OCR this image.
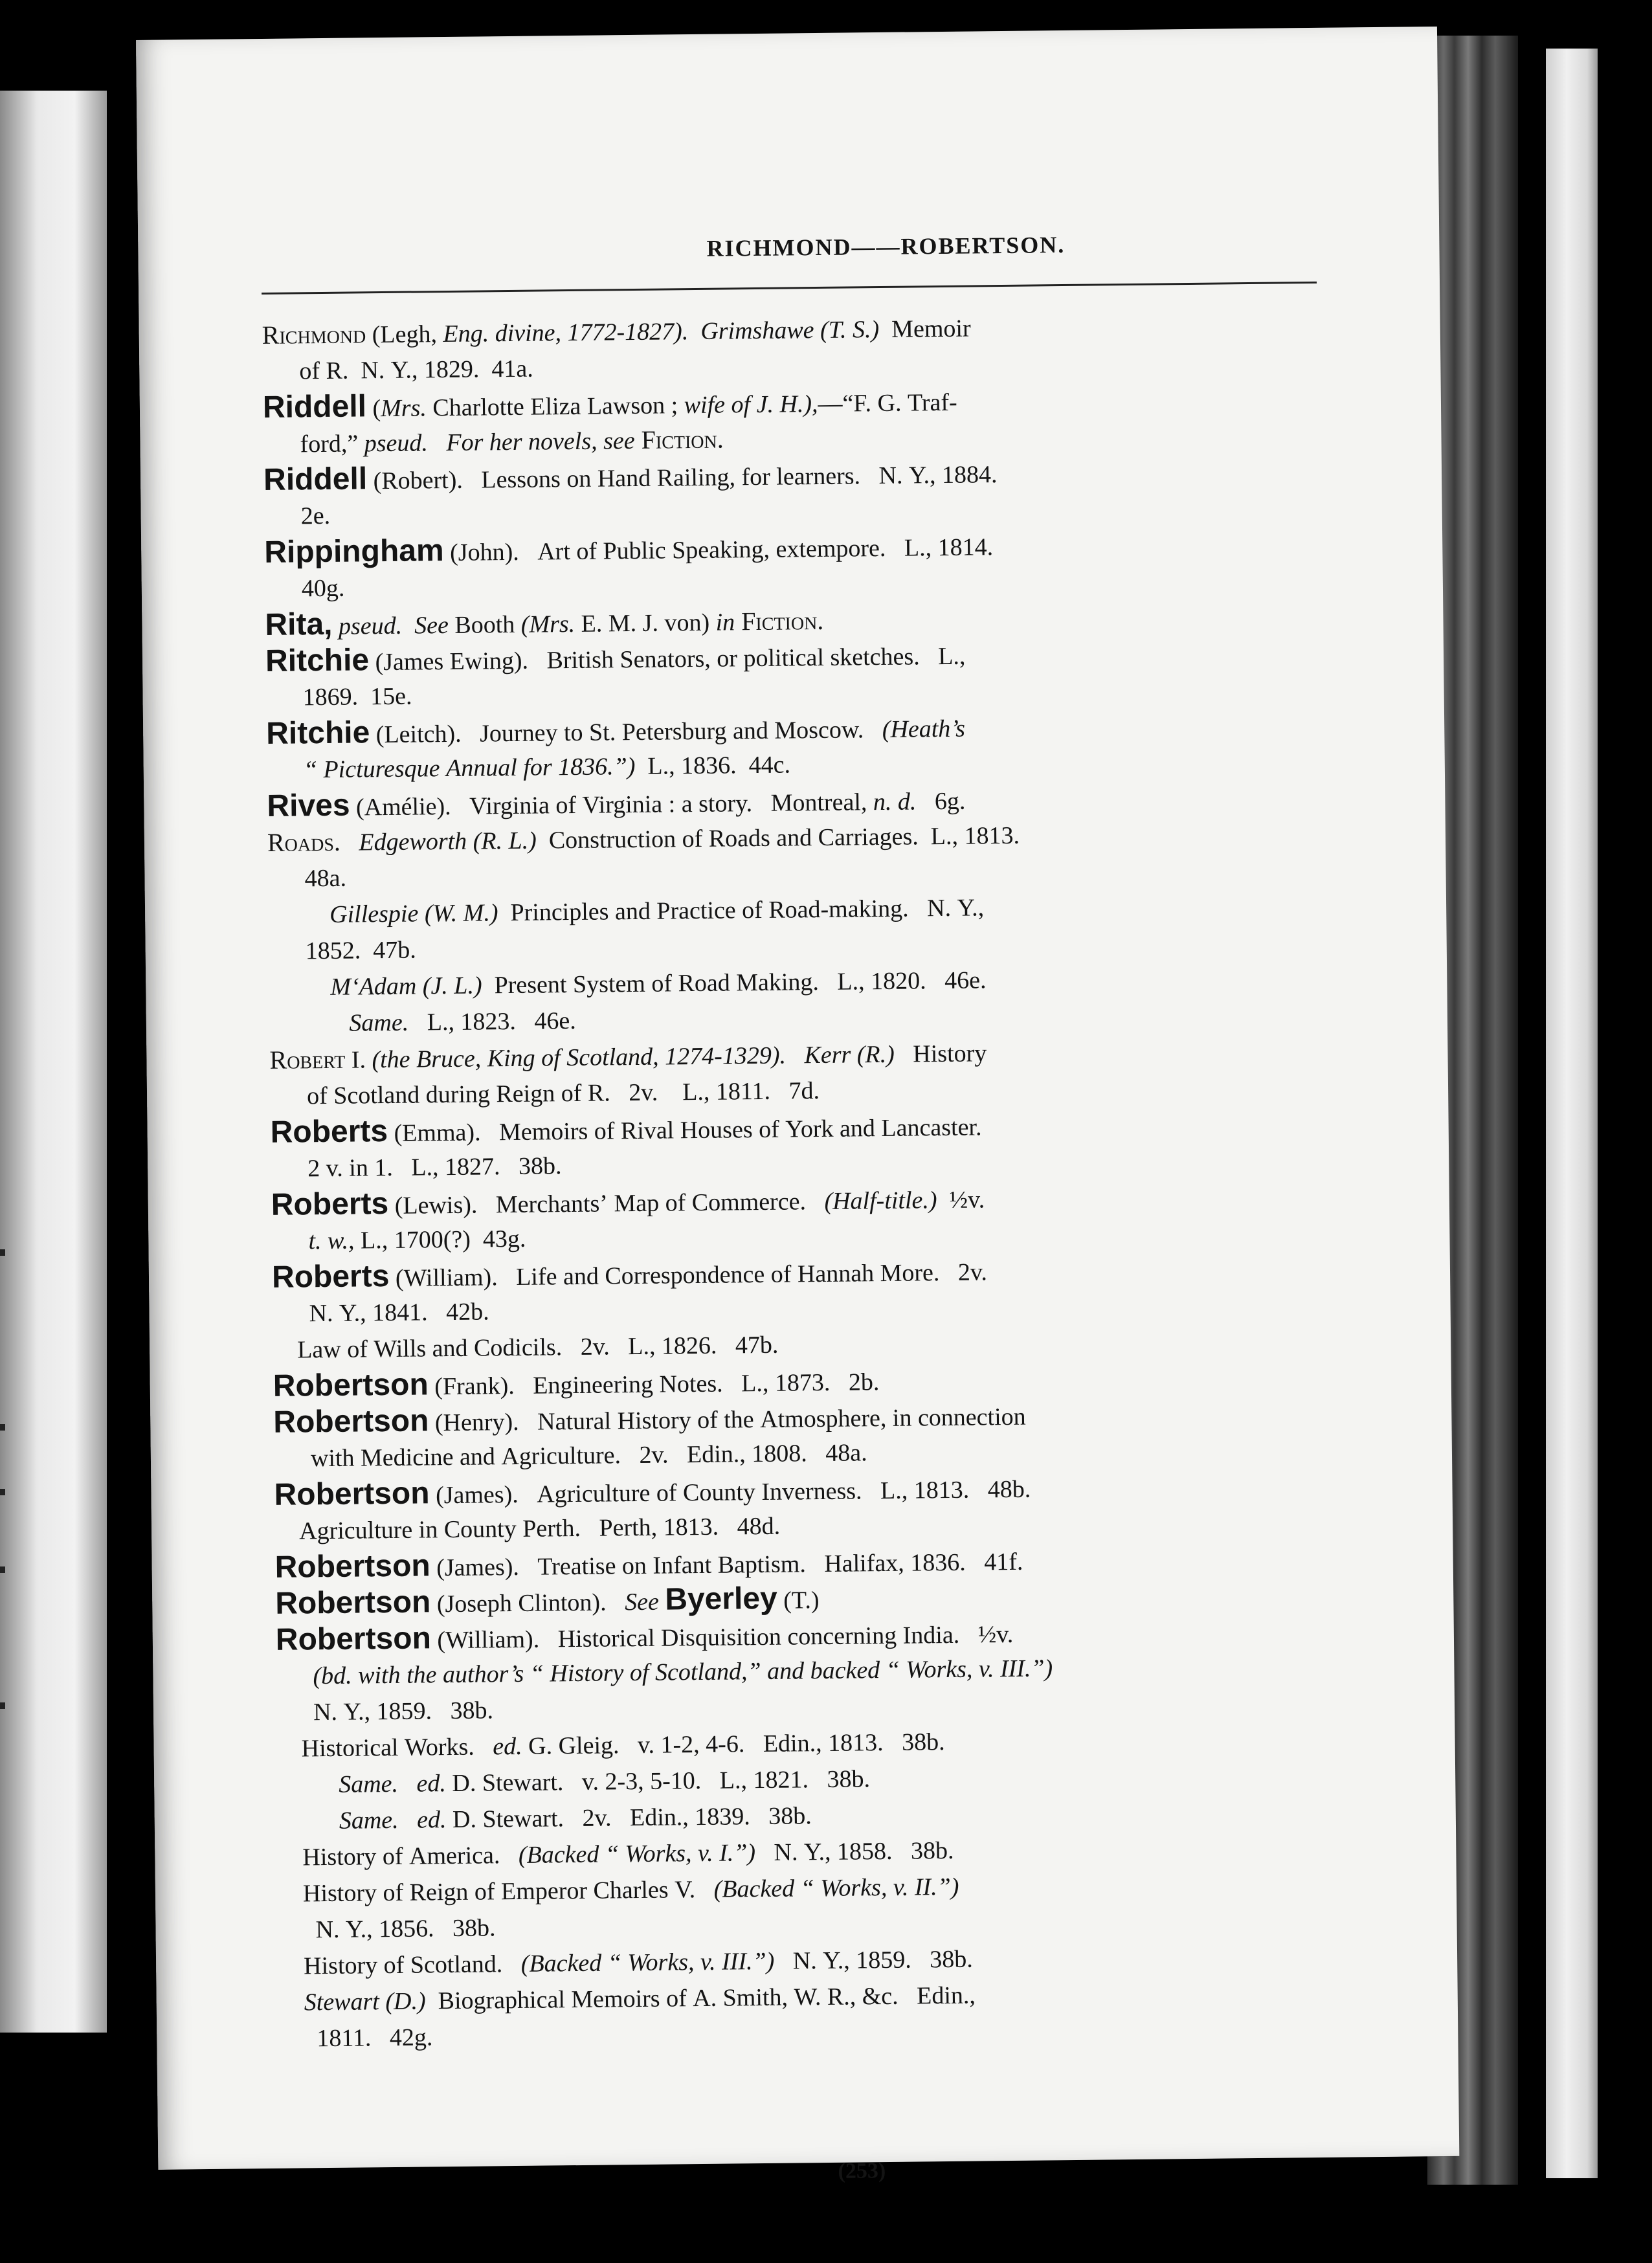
RICHMOND——ROBERTSON.
Richmond (Legh, Eng. divine, 1772-1827).  Grimshawe (T. S.)  Memoir
of R.  N. Y., 1829.  41a.
Riddell (Mrs. Charlotte Eliza Lawson ; wife of J. H.),—“F. G. Traf-
ford,” pseud.   For her novels, see Fiction.
Riddell (Robert).   Lessons on Hand Railing, for learners.   N. Y., 1884.
2e.
Rippingham (John).   Art of Public Speaking, extempore.   L., 1814.
40g.
Rita, pseud.  See Booth (Mrs. E. M. J. von) in Fiction.
Ritchie (James Ewing).   British Senators, or political sketches.   L.,
1869.  15e.
Ritchie (Leitch).   Journey to St. Petersburg and Moscow.   (Heath’s
“ Picturesque Annual for 1836.”)  L., 1836.  44c.
Rives (Amélie).   Virginia of Virginia : a story.   Montreal, n. d.   6g.
Roads.   Edgeworth (R. L.)  Construction of Roads and Carriages.  L., 1813.
48a.
Gillespie (W. M.)  Principles and Practice of Road-making.   N. Y.,
1852.  47b.
M‘Adam (J. L.)  Present System of Road Making.   L., 1820.   46e.
Same.   L., 1823.   46e.
Robert I. (the Bruce, King of Scotland, 1274-1329).   Kerr (R.)   History
of Scotland during Reign of R.   2v.    L., 1811.   7d.
Roberts (Emma).   Memoirs of Rival Houses of York and Lancaster.
2 v. in 1.   L., 1827.   38b.
Roberts (Lewis).   Merchants’ Map of Commerce.   (Half-title.)  ½v.
t. w., L., 1700(?)  43g.
Roberts (William).   Life and Correspondence of Hannah More.   2v.
N. Y., 1841.   42b.
Law of Wills and Codicils.   2v.   L., 1826.   47b.
Robertson (Frank).   Engineering Notes.   L., 1873.   2b.
Robertson (Henry).   Natural History of the Atmosphere, in connection
with Medicine and Agriculture.   2v.   Edin., 1808.   48a.
Robertson (James).   Agriculture of County Inverness.   L., 1813.   48b.
Agriculture in County Perth.   Perth, 1813.   48d.
Robertson (James).   Treatise on Infant Baptism.   Halifax, 1836.   41f.
Robertson (Joseph Clinton).   See Byerley (T.)
Robertson (William).   Historical Disquisition concerning India.   ½v.
(bd. with the author’s “ History of Scotland,” and backed “ Works, v. III.”)
N. Y., 1859.   38b.
Historical Works.   ed. G. Gleig.   v. 1-2, 4-6.   Edin., 1813.   38b.
Same.   ed. D. Stewart.   v. 2-3, 5-10.   L., 1821.   38b.
Same.   ed. D. Stewart.   2v.   Edin., 1839.   38b.
History of America.   (Backed “ Works, v. I.”)   N. Y., 1858.   38b.
History of Reign of Emperor Charles V.   (Backed “ Works, v. II.”)
N. Y., 1856.   38b.
History of Scotland.   (Backed “ Works, v. III.”)   N. Y., 1859.   38b.
Stewart (D.)  Biographical Memoirs of A. Smith, W. R., &c.   Edin.,
1811.   42g.
(253)
